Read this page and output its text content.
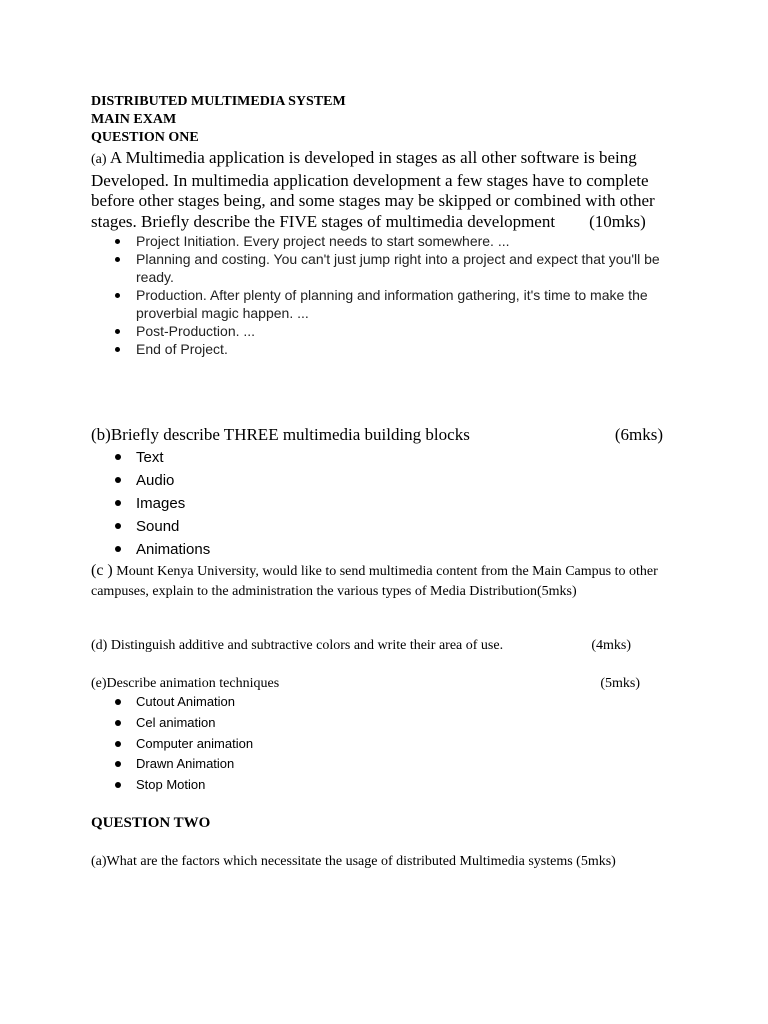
DISTRIBUTED MULTIMEDIA SYSTEM

MAIN EXAM

QUESTION ONE

(a) A Multimedia application is developed in stages as all other software is being Developed. In multimedia application development a few stages have to complete before other stages being, and some stages may be skipped or combined with other stages. Briefly describe the FIVE stages of multimedia development (10mks)

Project Initiation. Every project needs to start somewhere. ...
Planning and costing. You can't just jump right into a project and expect that you'll be ready.
Production. After plenty of planning and information gathering, it's time to make the proverbial magic happen. ...
Post-Production. ...
End of Project.

(b)Briefly describe THREE multimedia building blocks	(6mks)

Text
Audio
Images
Sound
Animations

(c ) Mount Kenya University, would like to send multimedia content from the Main Campus to other campuses, explain to the administration the various types of Media Distribution(5mks)

(d) Distinguish additive and subtractive colors and write their area of use.	(4mks)

(e)Describe animation techniques	(5mks)

Cutout Animation
Cel animation
Computer animation
Drawn Animation
Stop Motion

QUESTION TWO

(a)What are the factors which necessitate the usage of distributed Multimedia systems (5mks)
